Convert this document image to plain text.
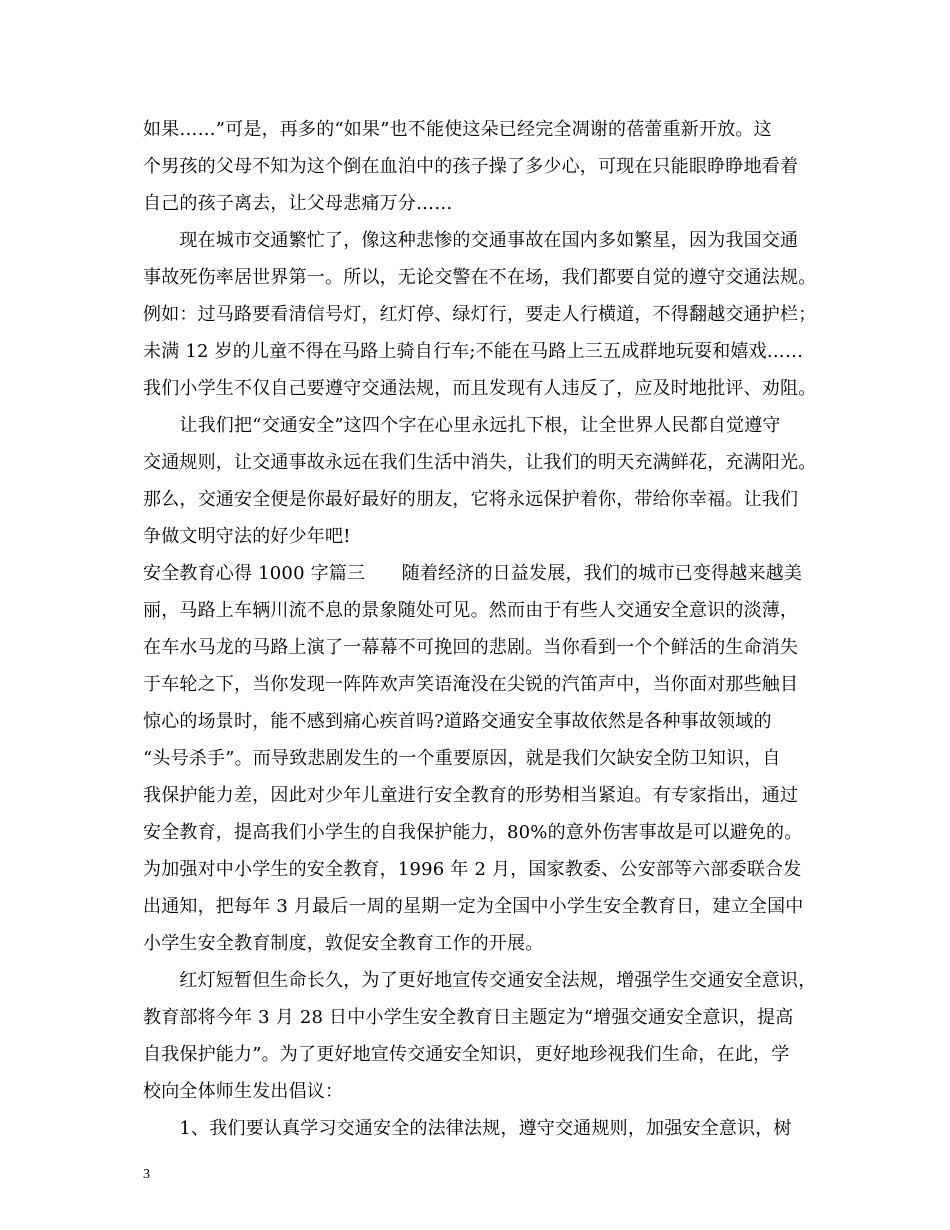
如果……”可是，再多的“如果”也不能使这朵已经完全凋谢的蓓蕾重新开放。这
个男孩的父母不知为这个倒在血泊中的孩子操了多少心，可现在只能眼睁睁地看着
自己的孩子离去，让父母悲痛万分……
　　现在城市交通繁忙了，像这种悲惨的交通事故在国内多如繁星，因为我国交通
事故死伤率居世界第一。所以，无论交警在不在场，我们都要自觉的遵守交通法规。
例如：过马路要看清信号灯，红灯停、绿灯行，要走人行横道，不得翻越交通护栏；
未满 12 岁的儿童不得在马路上骑自行车;不能在马路上三五成群地玩耍和嬉戏……
我们小学生不仅自己要遵守交通法规，而且发现有人违反了，应及时地批评、劝阻。
　　让我们把“交通安全”这四个字在心里永远扎下根，让全世界人民都自觉遵守
交通规则，让交通事故永远在我们生活中消失，让我们的明天充满鲜花，充满阳光。
那么，交通安全便是你最好最好的朋友，它将永远保护着你，带给你幸福。让我们
争做文明守法的好少年吧!
安全教育心得 1000 字篇三　　随着经济的日益发展，我们的城市已变得越来越美
丽，马路上车辆川流不息的景象随处可见。然而由于有些人交通安全意识的淡薄，
在车水马龙的马路上演了一幕幕不可挽回的悲剧。当你看到一个个鲜活的生命消失
于车轮之下，当你发现一阵阵欢声笑语淹没在尖锐的汽笛声中，当你面对那些触目
惊心的场景时，能不感到痛心疾首吗?道路交通安全事故依然是各种事故领域的
“头号杀手”。而导致悲剧发生的一个重要原因，就是我们欠缺安全防卫知识，自
我保护能力差，因此对少年儿童进行安全教育的形势相当紧迫。有专家指出，通过
安全教育，提高我们小学生的自我保护能力，80%的意外伤害事故是可以避免的。
为加强对中小学生的安全教育，1996 年 2 月，国家教委、公安部等六部委联合发
出通知，把每年 3 月最后一周的星期一定为全国中小学生安全教育日，建立全国中
小学生安全教育制度，敦促安全教育工作的开展。
　　红灯短暂但生命长久，为了更好地宣传交通安全法规，增强学生交通安全意识，
教育部将今年 3 月 28 日中小学生安全教育日主题定为“增强交通安全意识，提高
自我保护能力”。为了更好地宣传交通安全知识，更好地珍视我们生命，在此，学
校向全体师生发出倡议：
　　1、我们要认真学习交通安全的法律法规，遵守交通规则，加强安全意识，树
3
